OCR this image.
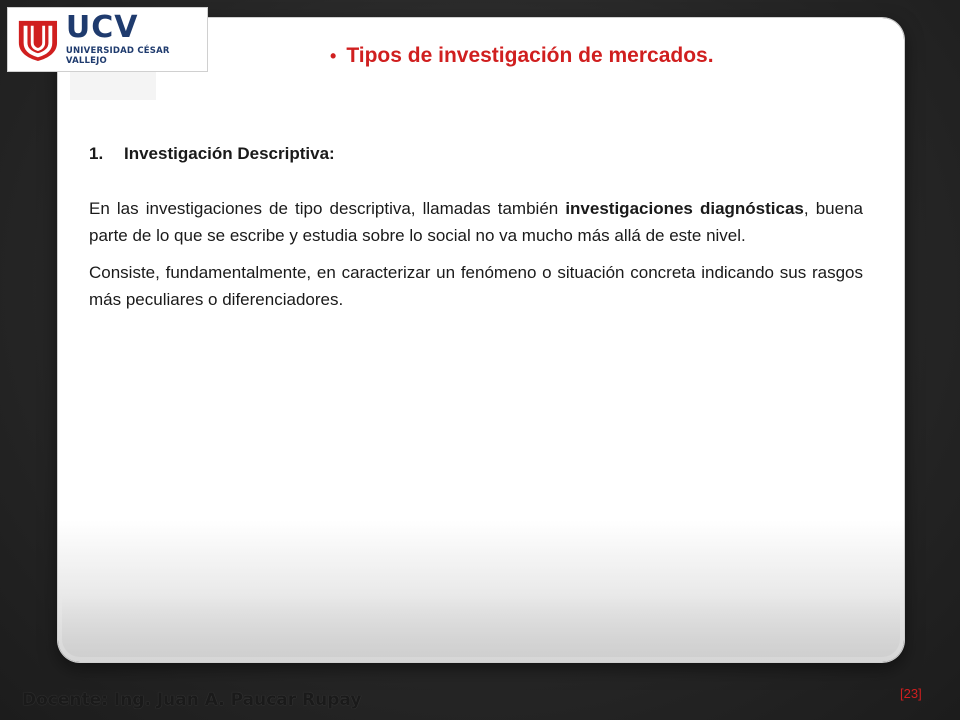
UCV
UNIVERSIDAD CÉSAR VALLEJO	• Tipos de investigación de mercados.
1.	Investigación Descriptiva:

En las investigaciones de tipo descriptiva, llamadas también investigaciones diagnósticas, buena parte de lo que se escribe y estudia sobre lo social no va mucho más allá de este nivel.

Consiste, fundamentalmente, en caracterizar un fenómeno o situación concreta indicando sus rasgos más peculiares o diferenciadores.

Docente: Ing. Juan A. Paucar Rupay	[23]
